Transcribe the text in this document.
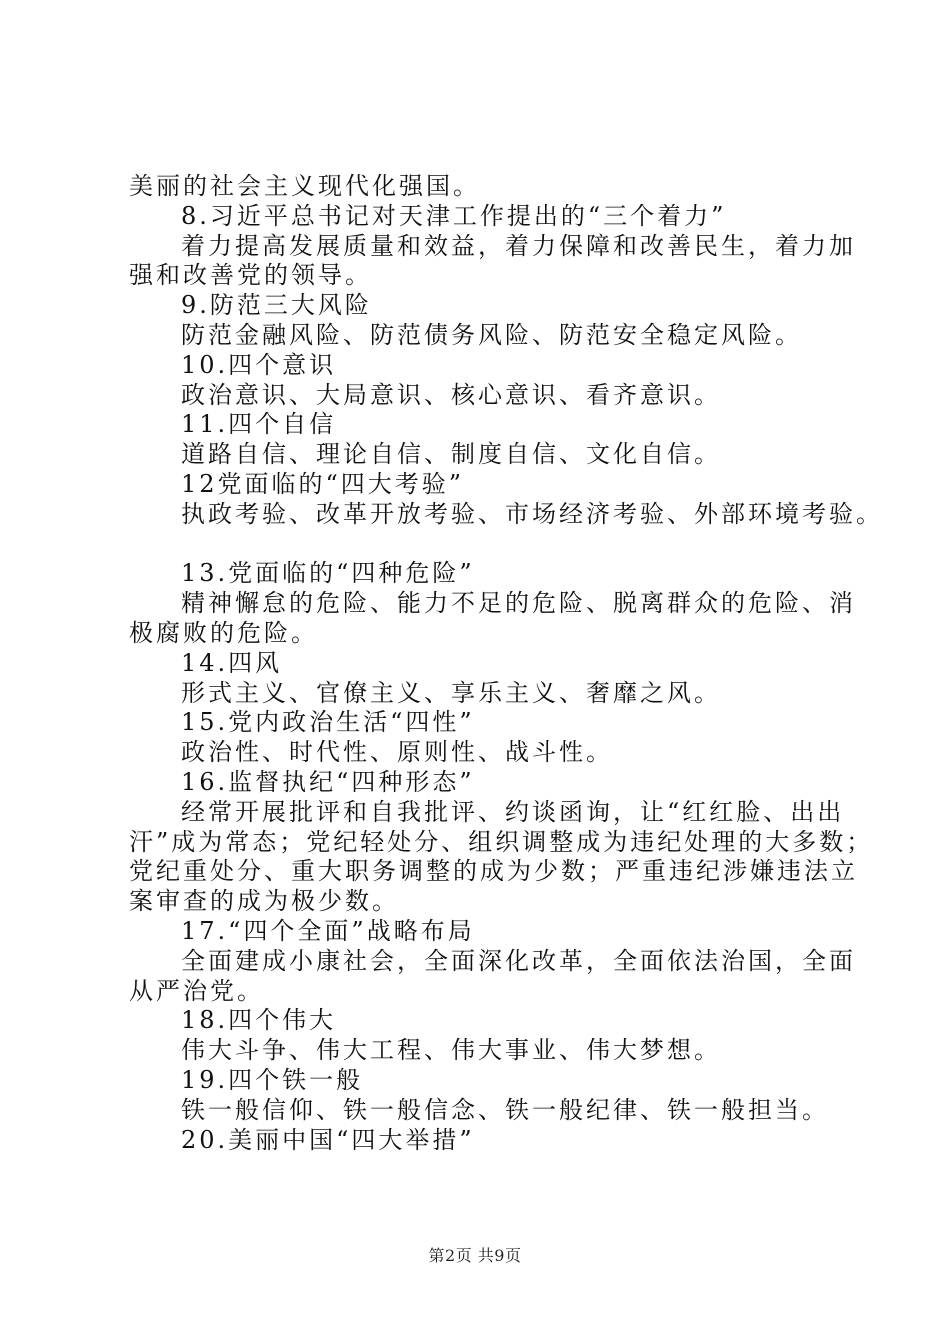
美丽的社会主义现代化强国。
8.习近平总书记对天津工作提出的“三个着力”
着力提高发展质量和效益，着力保障和改善民生，着力加
强和改善党的领导。
9.防范三大风险
防范金融风险、防范债务风险、防范安全稳定风险。
10.四个意识
政治意识、大局意识、核心意识、看齐意识。
11.四个自信
道路自信、理论自信、制度自信、文化自信。
12党面临的“四大考验”
执政考验、改革开放考验、市场经济考验、外部环境考验。
13.党面临的“四种危险”
精神懈怠的危险、能力不足的危险、脱离群众的危险、消
极腐败的危险。
14.四风
形式主义、官僚主义、享乐主义、奢靡之风。
15.党内政治生活“四性”
政治性、时代性、原则性、战斗性。
16.监督执纪“四种形态”
经常开展批评和自我批评、约谈函询，让“红红脸、出出
汗”成为常态；党纪轻处分、组织调整成为违纪处理的大多数；
党纪重处分、重大职务调整的成为少数；严重违纪涉嫌违法立
案审查的成为极少数。
17.“四个全面”战略布局
全面建成小康社会，全面深化改革，全面依法治国，全面
从严治党。
18.四个伟大
伟大斗争、伟大工程、伟大事业、伟大梦想。
19.四个铁一般
铁一般信仰、铁一般信念、铁一般纪律、铁一般担当。
20.美丽中国“四大举措”
第2页 共9页
